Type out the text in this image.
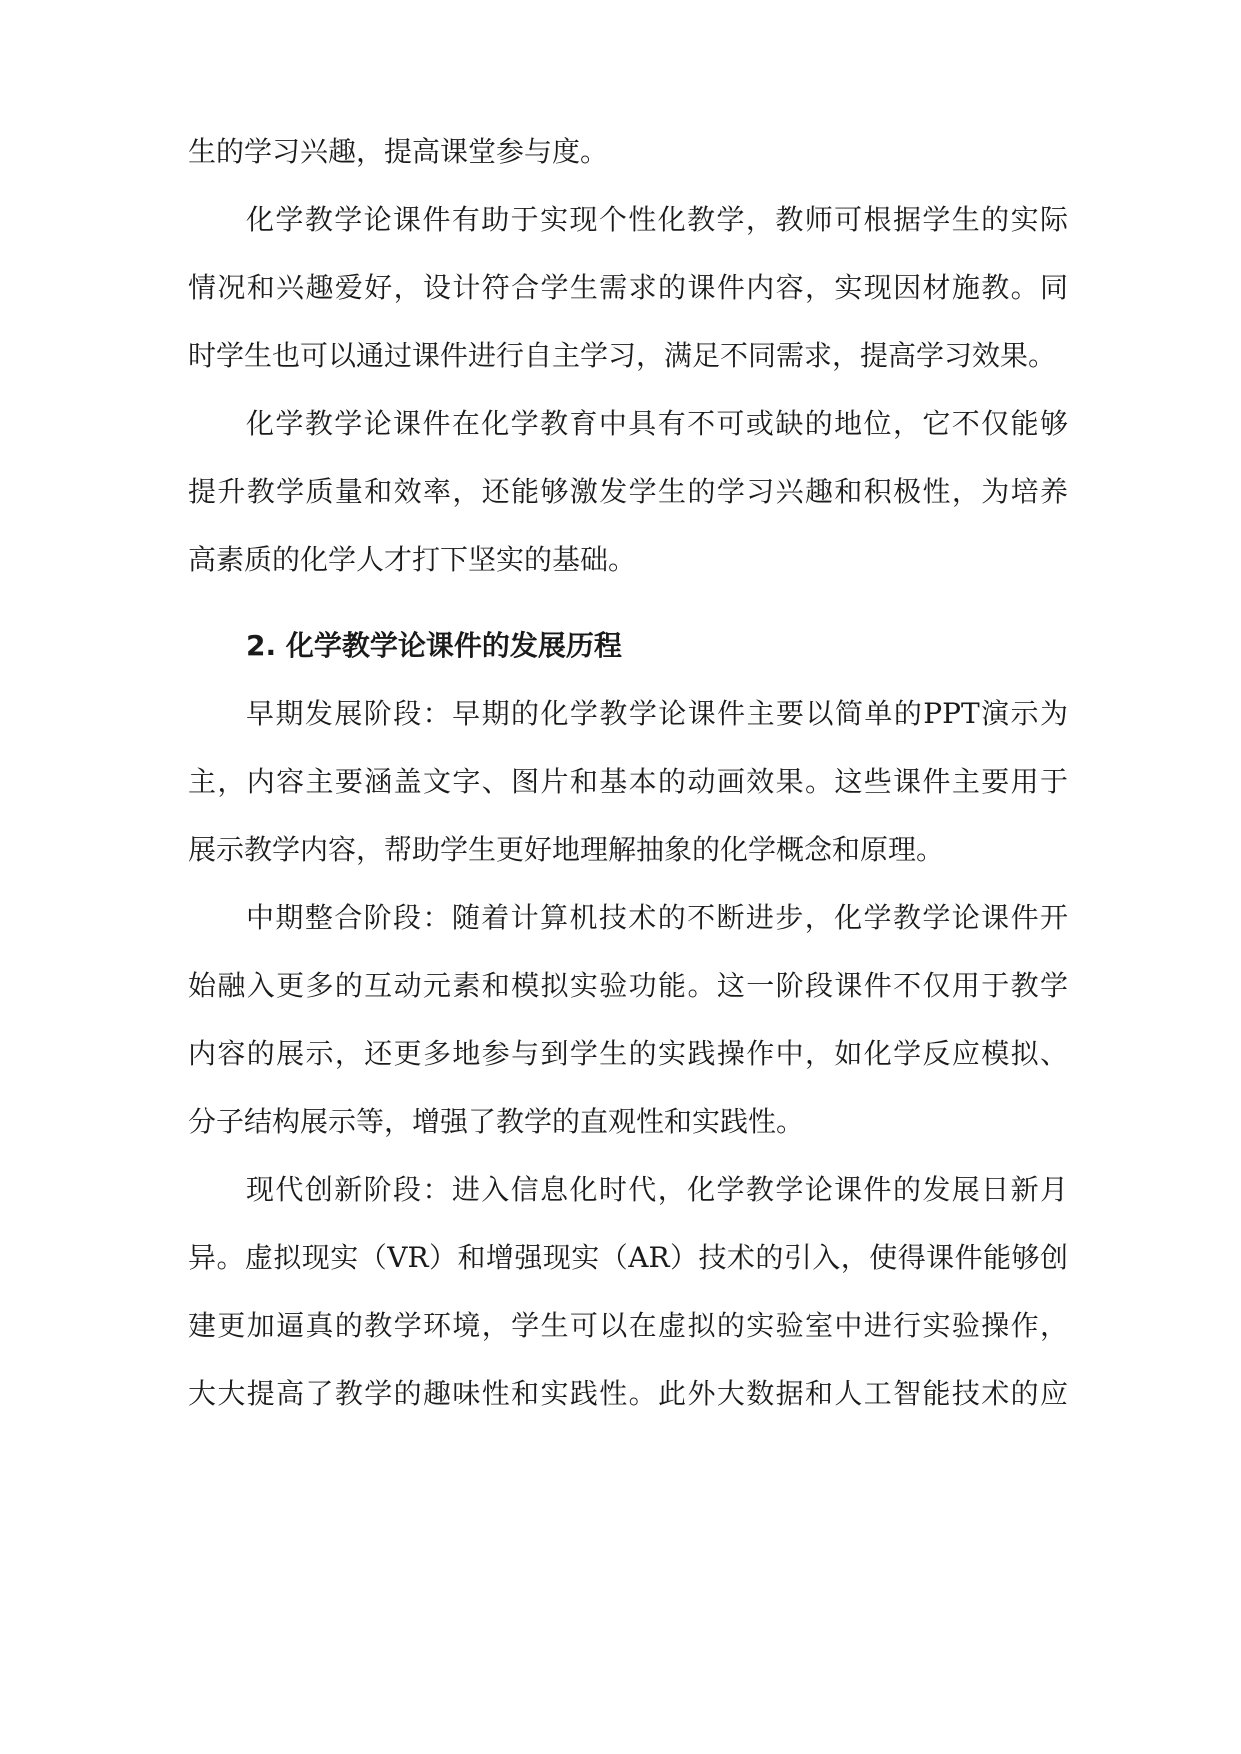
生的学习兴趣，提高课堂参与度。
化学教学论课件有助于实现个性化教学，教师可根据学生的实际
情况和兴趣爱好，设计符合学生需求的课件内容，实现因材施教。同
时学生也可以通过课件进行自主学习，满足不同需求，提高学习效果。
化学教学论课件在化学教育中具有不可或缺的地位，它不仅能够
提升教学质量和效率，还能够激发学生的学习兴趣和积极性，为培养
高素质的化学人才打下坚实的基础。
2. 化学教学论课件的发展历程
早期发展阶段：早期的化学教学论课件主要以简单的PPT演示为
主，内容主要涵盖文字、图片和基本的动画效果。这些课件主要用于
展示教学内容，帮助学生更好地理解抽象的化学概念和原理。
中期整合阶段：随着计算机技术的不断进步，化学教学论课件开
始融入更多的互动元素和模拟实验功能。这一阶段课件不仅用于教学
内容的展示，还更多地参与到学生的实践操作中，如化学反应模拟、
分子结构展示等，增强了教学的直观性和实践性。
现代创新阶段：进入信息化时代，化学教学论课件的发展日新月
异。虚拟现实（VR）和增强现实（AR）技术的引入，使得课件能够创
建更加逼真的教学环境，学生可以在虚拟的实验室中进行实验操作，
大大提高了教学的趣味性和实践性。此外大数据和人工智能技术的应
